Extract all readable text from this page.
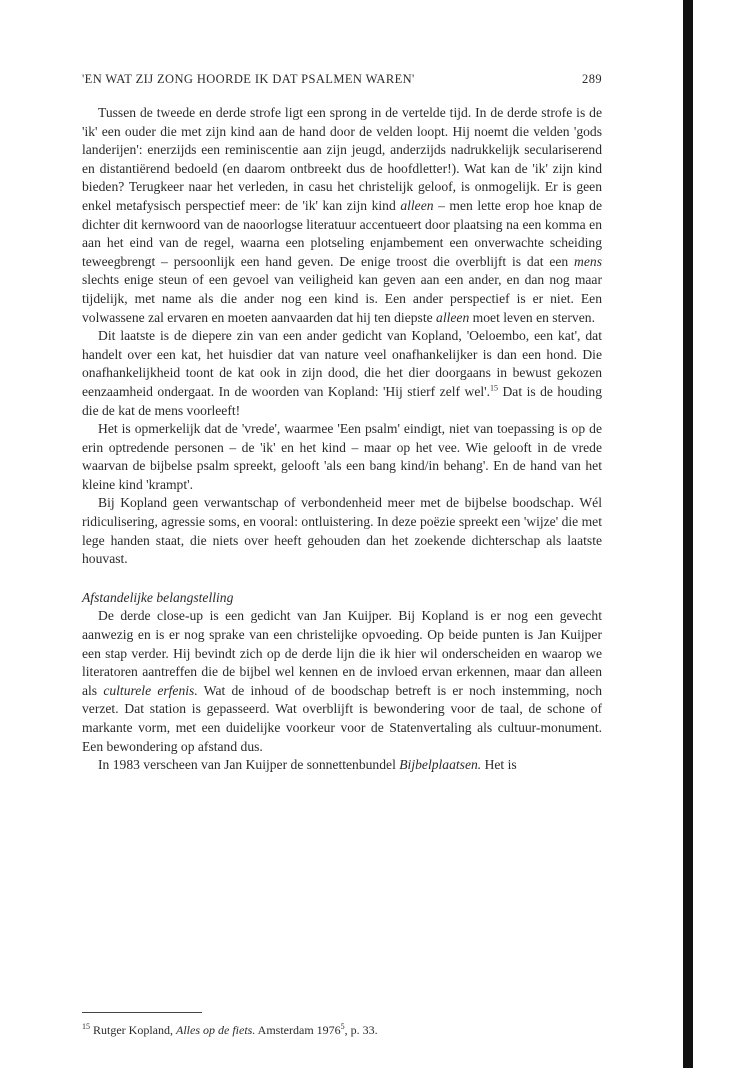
'EN WAT ZIJ ZONG HOORDE IK DAT PSALMEN WAREN'	289

Tussen de tweede en derde strofe ligt een sprong in de vertelde tijd. In de derde strofe is de 'ik' een ouder die met zijn kind aan de hand door de velden loopt. Hij noemt die velden 'gods landerijen': enerzijds een reminiscentie aan zijn jeugd, anderzijds nadrukkelijk seculariserend en distantiërend bedoeld (en daarom ontbreekt dus de hoofdletter!). Wat kan de 'ik' zijn kind bieden? Terugkeer naar het verleden, in casu het christelijk geloof, is onmogelijk. Er is geen enkel metafysisch perspectief meer: de 'ik' kan zijn kind alleen – men lette erop hoe knap de dichter dit kernwoord van de naoorlogse literatuur accentueert door plaatsing na een komma en aan het eind van de regel, waarna een plotseling enjambement een onverwachte scheiding teweegbrengt – persoonlijk een hand geven. De enige troost die overblijft is dat een mens slechts enige steun of een gevoel van veiligheid kan geven aan een ander, en dan nog maar tijdelijk, met name als die ander nog een kind is. Een ander perspectief is er niet. Een volwassene zal ervaren en moeten aanvaarden dat hij ten diepste alleen moet leven en sterven.

Dit laatste is de diepere zin van een ander gedicht van Kopland, 'Oeloembo, een kat', dat handelt over een kat, het huisdier dat van nature veel onafhankelijker is dan een hond. Die onafhankelijkheid toont de kat ook in zijn dood, die het dier doorgaans in bewust gekozen eenzaamheid ondergaat. In de woorden van Kopland: 'Hij stierf zelf wel'.$^{15}$ Dat is de houding die de kat de mens voorleeft!

Het is opmerkelijk dat de 'vrede', waarmee 'Een psalm' eindigt, niet van toepassing is op de erin optredende personen – de 'ik' en het kind – maar op het vee. Wie gelooft in de vrede waarvan de bijbelse psalm spreekt, gelooft 'als een bang kind/in behang'. En de hand van het kleine kind 'krampt'.

Bij Kopland geen verwantschap of verbondenheid meer met de bijbelse boodschap. Wél ridiculisering, agressie soms, en vooral: ontluistering. In deze poëzie spreekt een 'wijze' die met lege handen staat, die niets over heeft gehouden dan het zoekende dichterschap als laatste houvast.

Afstandelijke belangstelling

De derde close-up is een gedicht van Jan Kuijper. Bij Kopland is er nog een gevecht aanwezig en is er nog sprake van een christelijke opvoeding. Op beide punten is Jan Kuijper een stap verder. Hij bevindt zich op de derde lijn die ik hier wil onderscheiden en waarop we literatoren aantreffen die de bijbel wel kennen en de invloed ervan erkennen, maar dan alleen als culturele erfenis. Wat de inhoud of de boodschap betreft is er noch instemming, noch verzet. Dat station is gepasseerd. Wat overblijft is bewondering voor de taal, de schone of markante vorm, met een duidelijke voorkeur voor de Statenvertaling als cultuur-monument. Een bewondering op afstand dus.

In 1983 verscheen van Jan Kuijper de sonnettenbundel Bijbelplaatsen. Het is

$^{15}$ Rutger Kopland, Alles op de fiets. Amsterdam 1976$^5$, p. 33.
